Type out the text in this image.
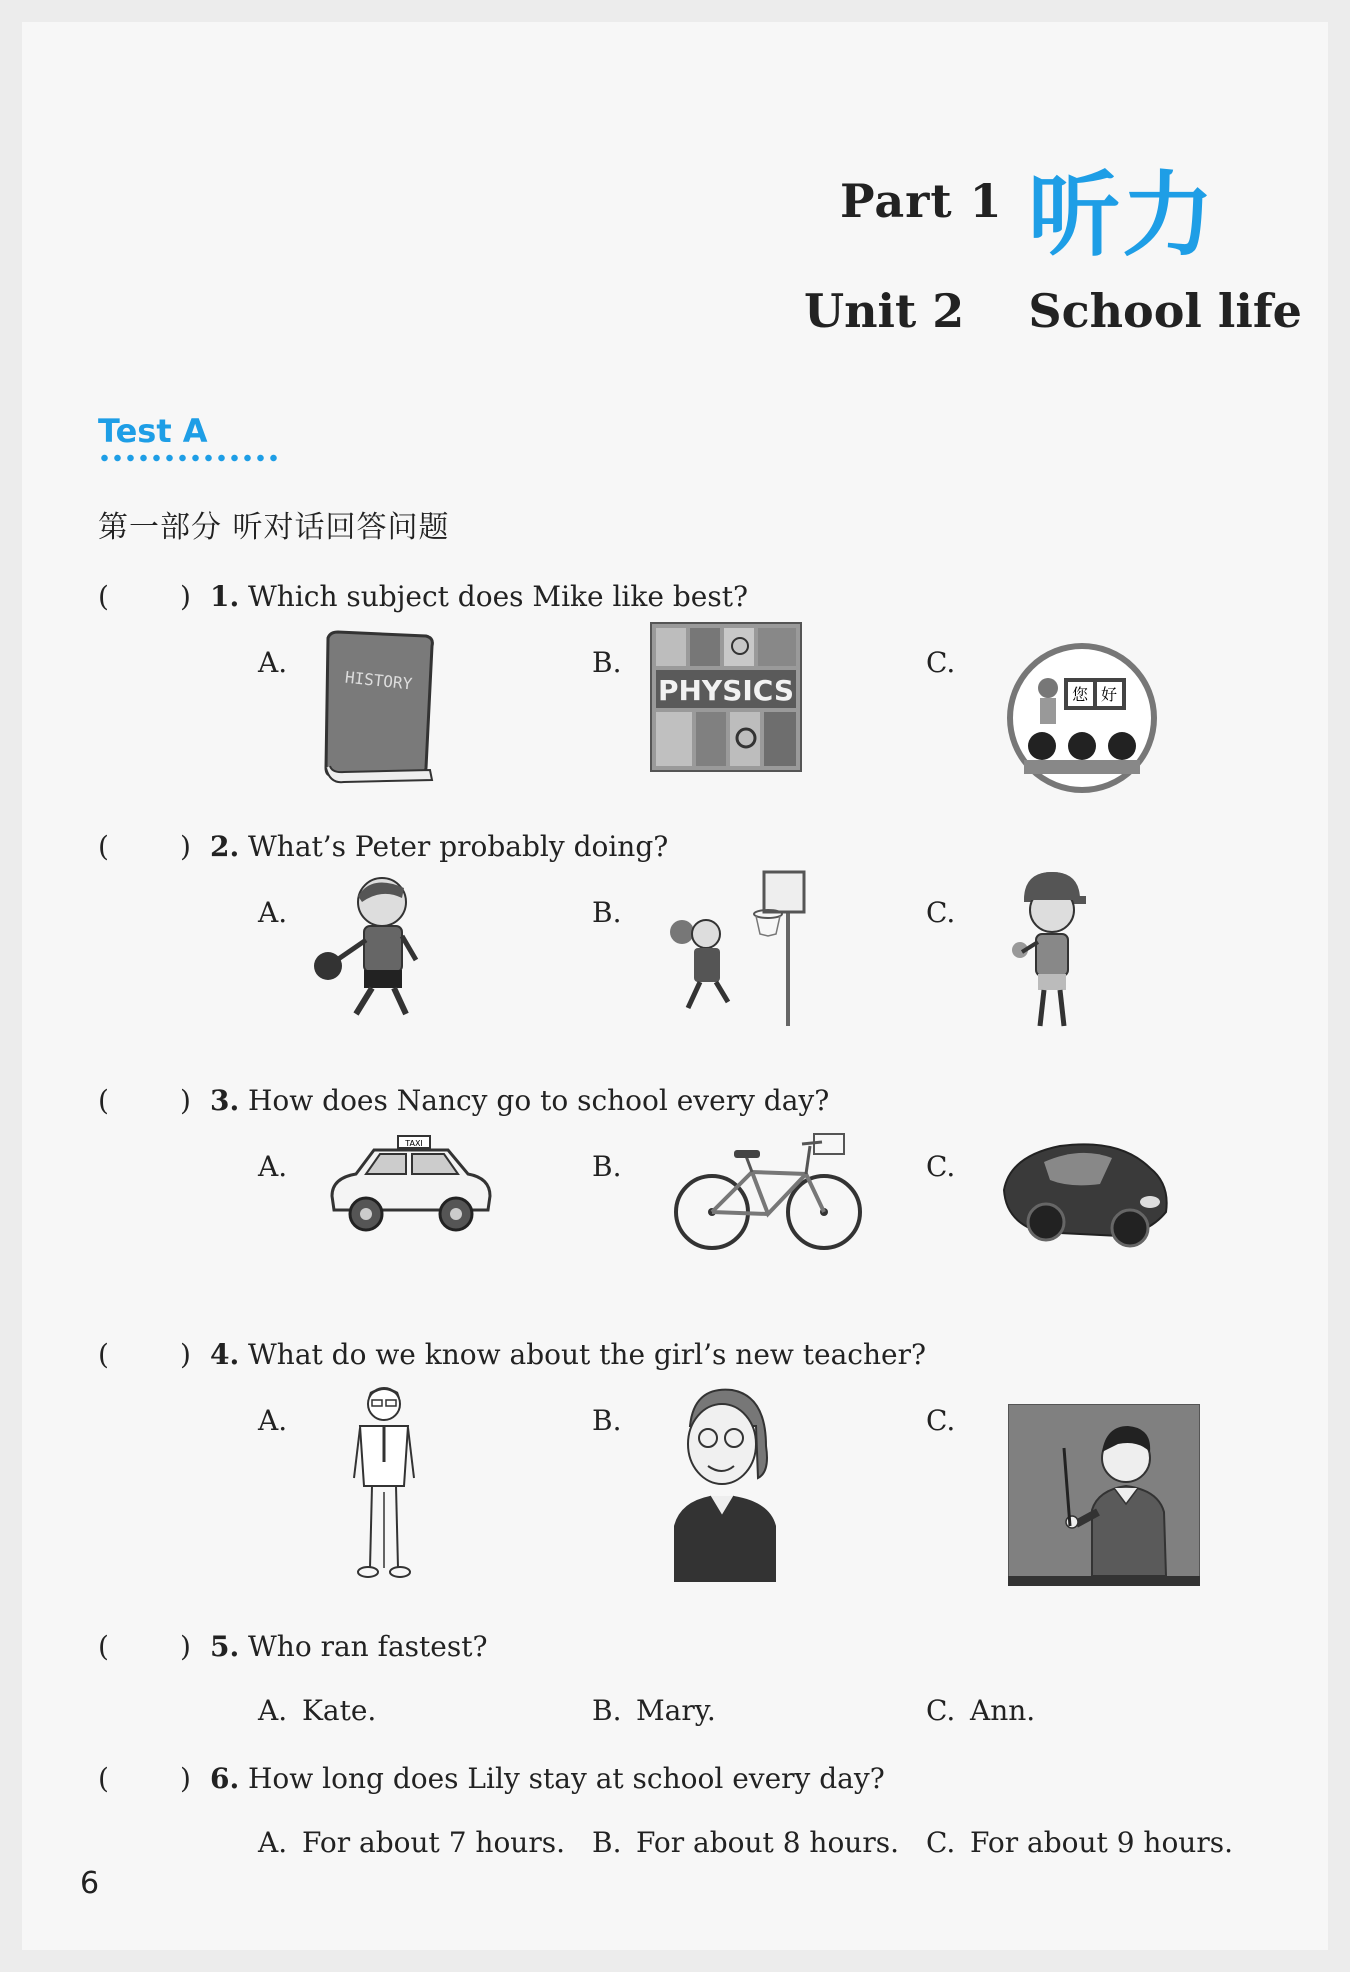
Part 1 听力
Unit 2    School life
Test A
第一部分 听对话回答问题
(	) 1. Which subject does Mike like best?
A.	B.	C.
HISTORY	PHYSICS	您 好
(	) 2. What’s Peter probably doing?
A.	B.	C.
(	) 3. How does Nancy go to school every day?
A.	B.	C.
TAXI
(	) 4. What do we know about the girl’s new teacher?
A.	B.	C.
(	) 5. Who ran fastest?
A. Kate.	B. Mary.	C. Ann.
(	) 6. How long does Lily stay at school every day?
A. For about 7 hours. B. For about 8 hours. C. For about 9 hours.
6
